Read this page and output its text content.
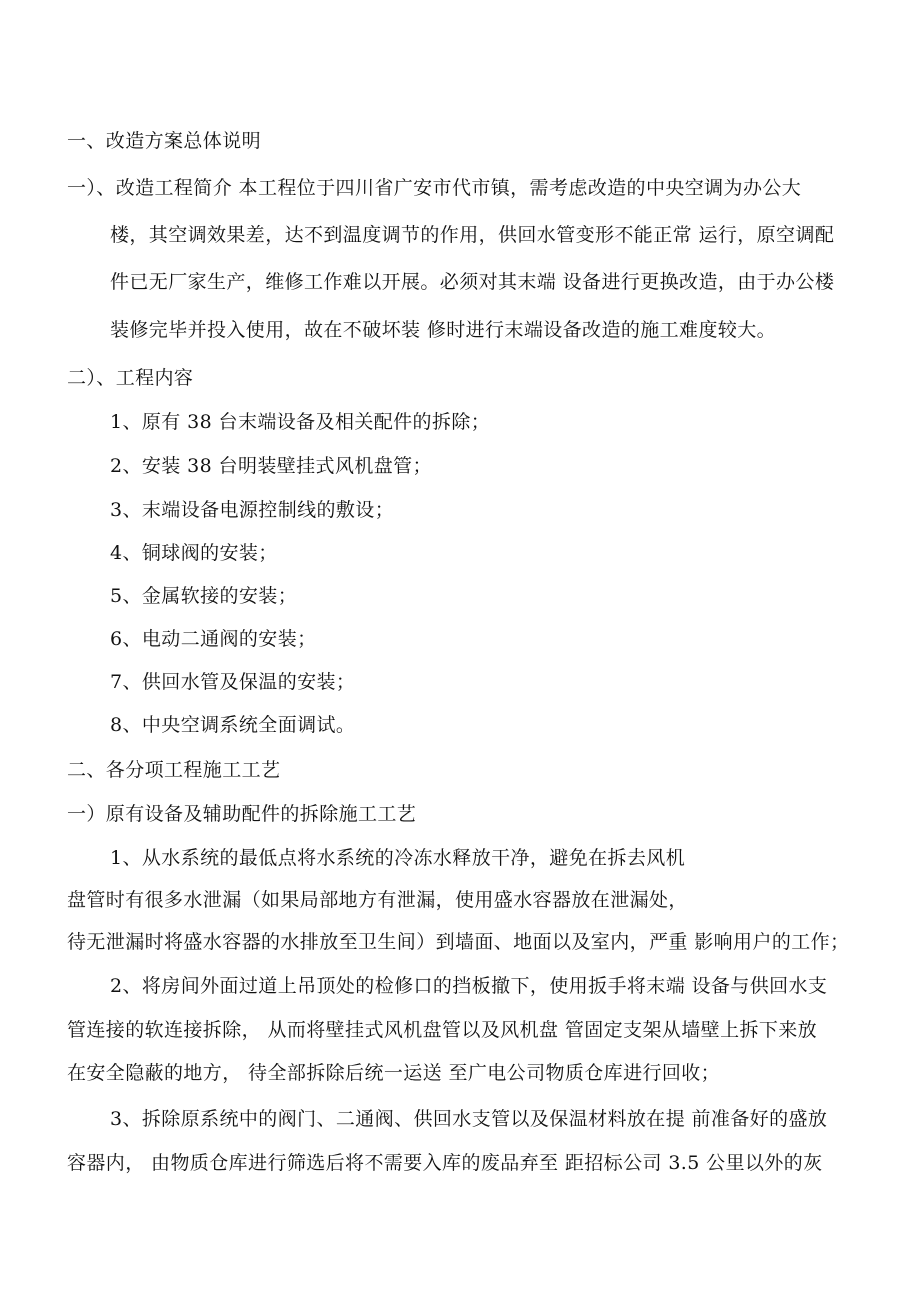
一、改造方案总体说明
一）、改造工程简介 本工程位于四川省广安市代市镇，需考虑改造的中央空调为办公大
楼，其空调效果差，达不到温度调节的作用，供回水管变形不能正常 运行，原空调配
件已无厂家生产，维修工作难以开展。必须对其末端 设备进行更换改造，由于办公楼
装修完毕并投入使用，故在不破坏装 修时进行末端设备改造的施工难度较大。
二）、工程内容
1、原有 38 台末端设备及相关配件的拆除；
2、安装 38 台明装壁挂式风机盘管；
3、末端设备电源控制线的敷设；
4、铜球阀的安装；
5、金属软接的安装；
6、电动二通阀的安装；
7、供回水管及保温的安装；
8、中央空调系统全面调试。
二、各分项工程施工工艺
一）原有设备及辅助配件的拆除施工工艺
1、从水系统的最低点将水系统的冷冻水释放干净，避免在拆去风机
盘管时有很多水泄漏（如果局部地方有泄漏，使用盛水容器放在泄漏处，
待无泄漏时将盛水容器的水排放至卫生间）到墙面、地面以及室内，严重 影响用户的工作；
2、将房间外面过道上吊顶处的检修口的挡板撤下，使用扳手将末端 设备与供回水支
管连接的软连接拆除， 从而将壁挂式风机盘管以及风机盘 管固定支架从墙壁上拆下来放
在安全隐蔽的地方， 待全部拆除后统一运送 至广电公司物质仓库进行回收；
3、拆除原系统中的阀门、二通阀、供回水支管以及保温材料放在提 前准备好的盛放
容器内， 由物质仓库进行筛选后将不需要入库的废品弃至 距招标公司 3.5 公里以外的灰
